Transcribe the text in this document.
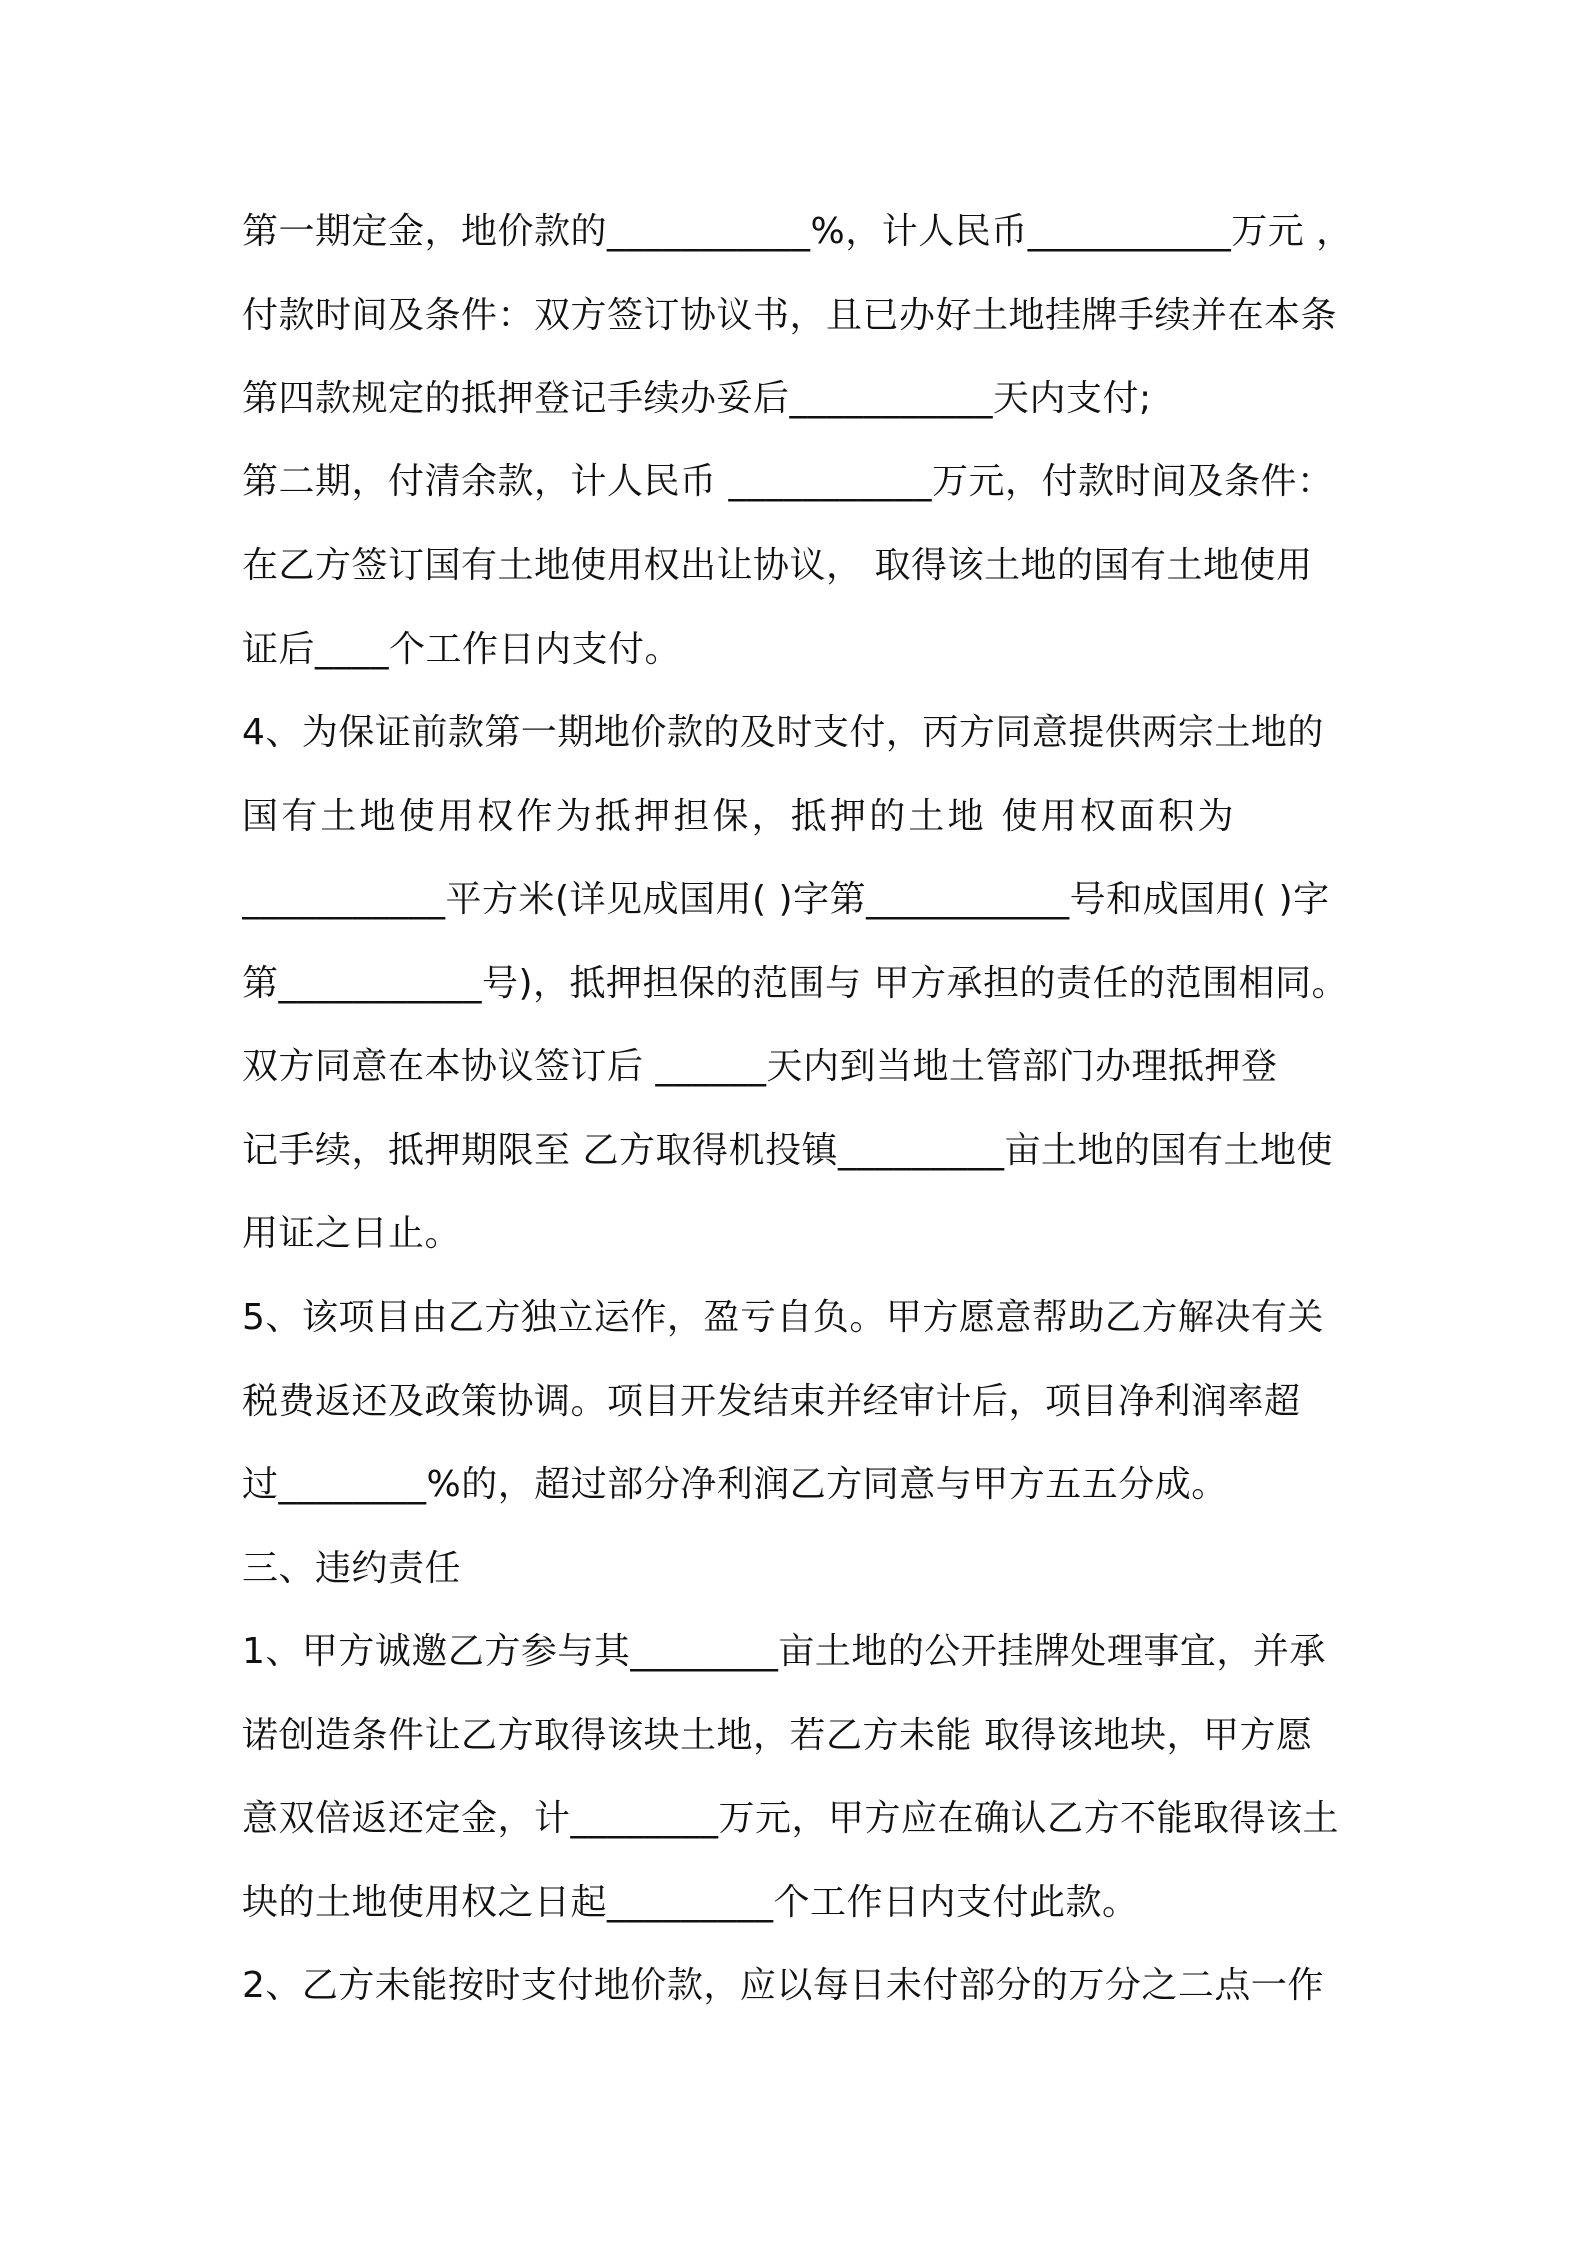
第一期定金，地价款的___________%，计人民币___________万元 ，
付款时间及条件：双方签订协议书，且已办好土地挂牌手续并在本条
第四款规定的抵押登记手续办妥后___________天内支付;
第二期，付清余款，计人民币 ___________万元，付款时间及条件：
在乙方签订国有土地使用权出让协议， 取得该土地的国有土地使用
证后____个工作日内支付。
4、为保证前款第一期地价款的及时支付，丙方同意提供两宗土地的
国有土地使用权作为抵押担保，抵押的土地 使用权面积为
___________平方米(详见成国用( )字第___________号和成国用( )字
第___________号)，抵押担保的范围与 甲方承担的责任的范围相同。
双方同意在本协议签订后 ______天内到当地土管部门办理抵押登
记手续，抵押期限至 乙方取得机投镇_________亩土地的国有土地使
用证之日止。
5、该项目由乙方独立运作，盈亏自负。甲方愿意帮助乙方解决有关
税费返还及政策协调。项目开发结束并经审计后，项目净利润率超
过________%的，超过部分净利润乙方同意与甲方五五分成。
三、违约责任
1、甲方诚邀乙方参与其________亩土地的公开挂牌处理事宜，并承
诺创造条件让乙方取得该块土地，若乙方未能 取得该地块，甲方愿
意双倍返还定金，计________万元，甲方应在确认乙方不能取得该土
块的土地使用权之日起_________个工作日内支付此款。
2、乙方未能按时支付地价款，应以每日未付部分的万分之二点一作
